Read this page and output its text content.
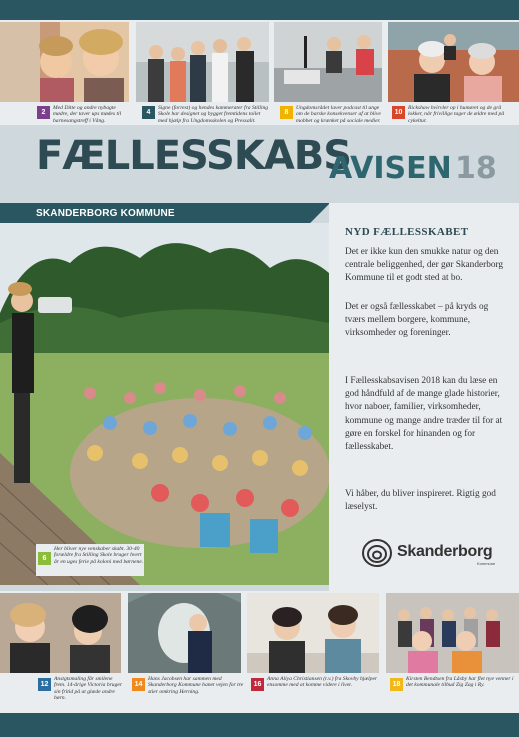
2
Med Ditte og andre nybagte mødre, der taver ups mødes til barnesangstreff i Vång.
4
Signe (forrest) og hendes kammerater fra Stilling Skole har designet og bygget fremtidens toilet med hjælp fra Ungdomsskolen og Pressalit.
8
Ungdomsrådet laver podcast til unge om de barske konsekvenser af at blive mobbet og krænket på sociale medier.
10
Rickshaw hvirvler op i humøret og de grå lokker, når frivillige tager de ældre med på cykeltur.
FÆLLESSKABS
AVISEN 18
SKANDERBORG KOMMUNE
6
Her bliver nye venskaber skabt. 30-40 forældre fra Stilling Skole bruger hvert år en uges ferie på koloni med børnene.
NYD FÆLLESSKABET

Det er ikke kun den smukke natur og den centrale beliggenhed, der gør Skanderborg Kommune til et godt sted at bo.

Det er også fællesskabet – på kryds og tværs mellem borgere, kommune, virksomheder og foreninger.

I Fællesskabsavisen 2018 kan du læse en god håndfuld af de mange glade historier, hvor naboer, familier, virksomheder, kommune og mange andre træder til for at gøre en forskel for hinanden og for fællesskabet.

Vi håber, du bliver inspireret. Rigtig god læselyst.

Skanderborg
Kommune
12
Anstgtsmaling får smilene frem. 14-årige Victoria bruger sin fritid på at glæde andre børn.
14
Hans Jacobsen har sammen med Skanderborg Kommune banet vejen for tre stier omkring Herning.
16
Anna Aliya Christiansen (t.v.) fra Skovby hjælper ensomme med at komme videre i livet.	18
Kirsten Bendtsen fra Låsby har flet nye venner i det kommunale tilbud Zig Zag i Ry.
